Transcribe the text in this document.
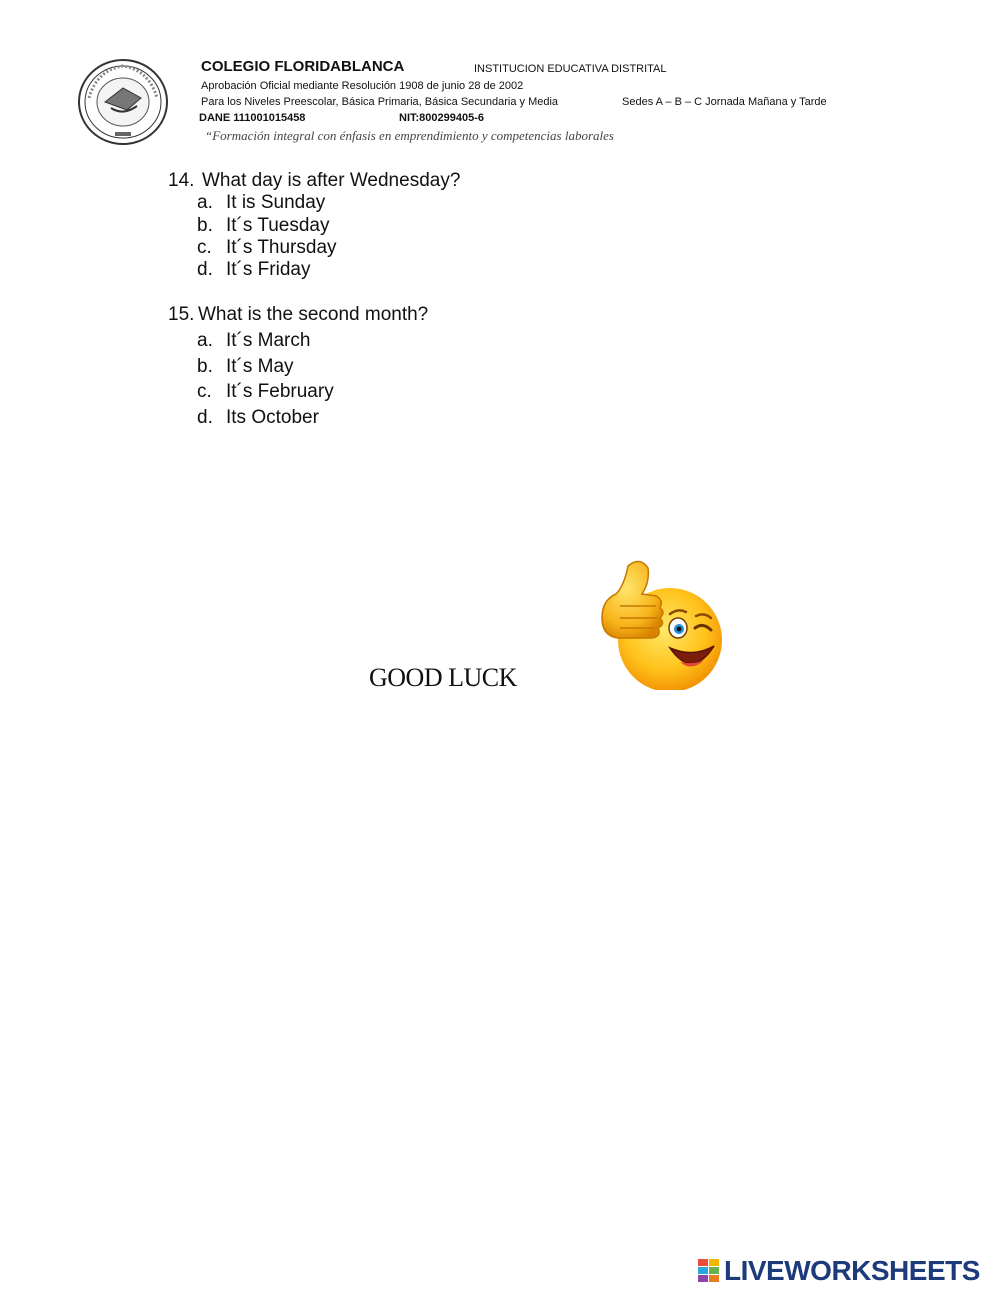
COLEGIO FLORIDABLANCA	INSTITUCION EDUCATIVA DISTRITAL
Aprobación Oficial mediante Resolución 1908 de junio 28 de 2002
Para los Niveles Preescolar, Básica Primaria, Básica Secundaria y Media	Sedes A – B – C Jornada Mañana y Tarde
DANE 111001015458	NIT:800299405-6
“Formación integral con énfasis en emprendimiento y competencias laborales
14. What day is after Wednesday?
a. It is Sunday
b. It´s Tuesday
c. It´s Thursday
d. It´s Friday
15. What is the second month?
a. It´s March
b. It´s May
c. It´s February
d. Its October
GOOD LUCK
LIVEWORKSHEETS
